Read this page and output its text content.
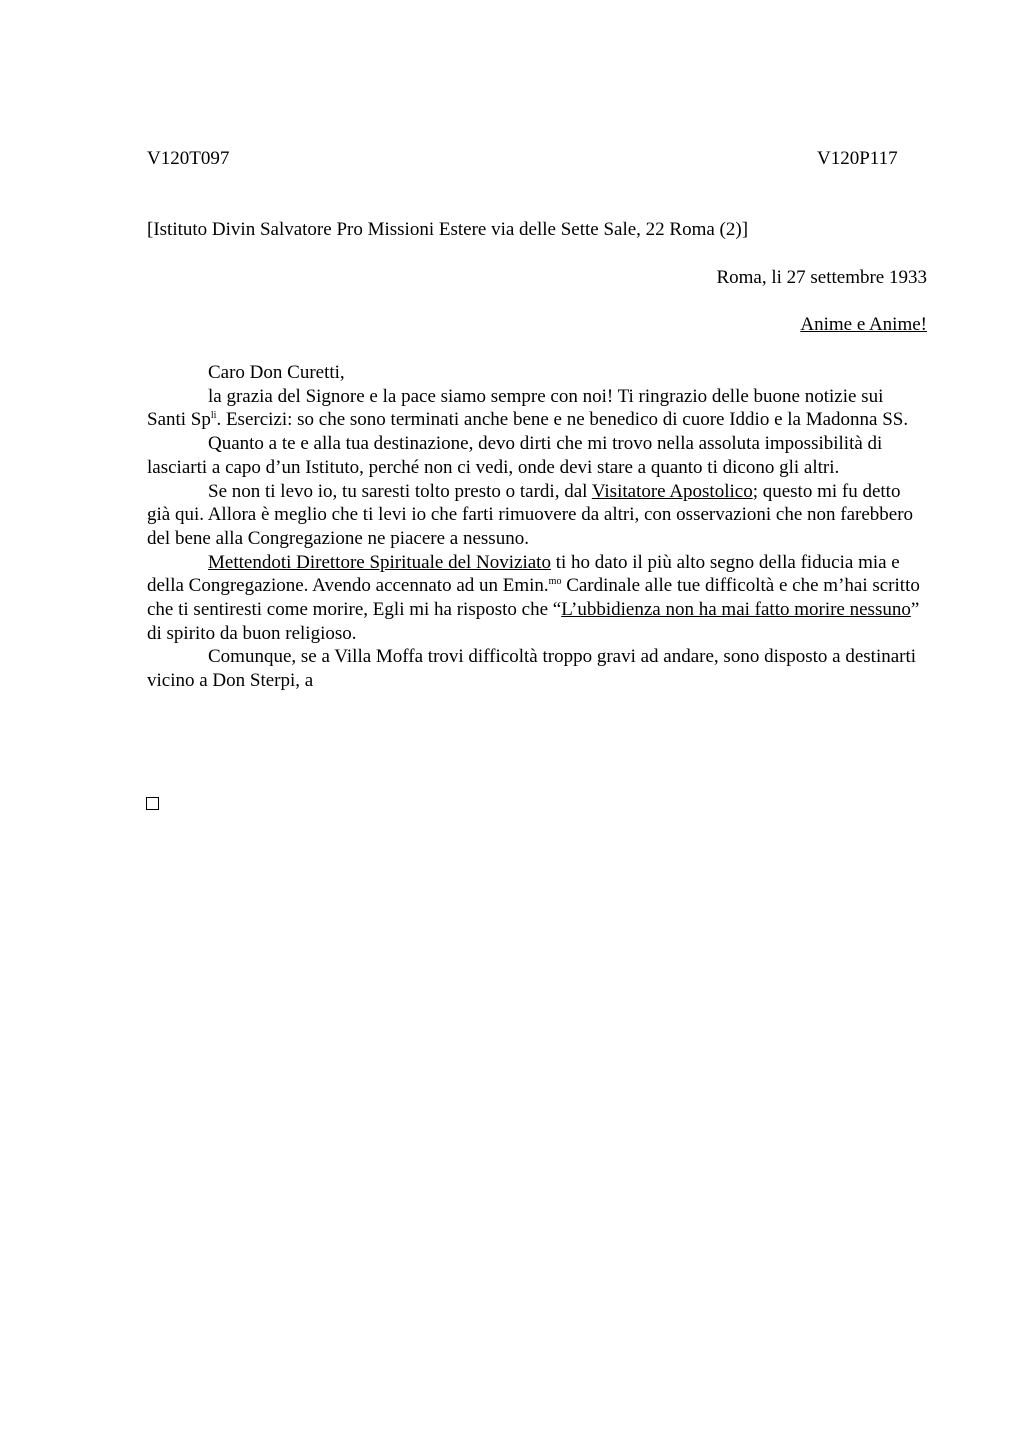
V120T097	V120P117
[Istituto Divin Salvatore Pro Missioni Estere via delle Sette Sale, 22 Roma (2)]
Roma, li 27 settembre 1933
Anime e Anime!

Caro Don Curetti,

la grazia del Signore e la pace siamo sempre con noi! Ti ringrazio delle buone notizie sui Santi $Sp^{li}$. Esercizi: so che sono terminati anche bene e ne benedico di cuore Iddio e la Madonna SS.

Quanto a te e alla tua destinazione, devo dirti che mi trovo nella assoluta impossibilità di lasciarti a capo d’un Istituto, perché non ci vedi, onde devi stare a quanto ti dicono gli altri.

Se non ti levo io, tu saresti tolto presto o tardi, dal Visitatore Apostolico; questo mi fu detto già qui. Allora è meglio che ti levi io che farti rimuovere da altri, con osservazioni che non farebbero del bene alla Congregazione ne piacere a nessuno.

Mettendoti Direttore Spirituale del Noviziato ti ho dato il più alto segno della fiducia mia e della Congregazione. Avendo accennato ad un Emin.$^{mo}$ Cardinale alle tue difficoltà e che m’hai scritto che ti sentiresti come morire, Egli mi ha risposto che “L’ubbidienza non ha mai fatto morire nessuno” di spirito da buon religioso.

Comunque, se a Villa Moffa trovi difficoltà troppo gravi ad andare, sono disposto a destinarti vicino a Don Sterpi, a
